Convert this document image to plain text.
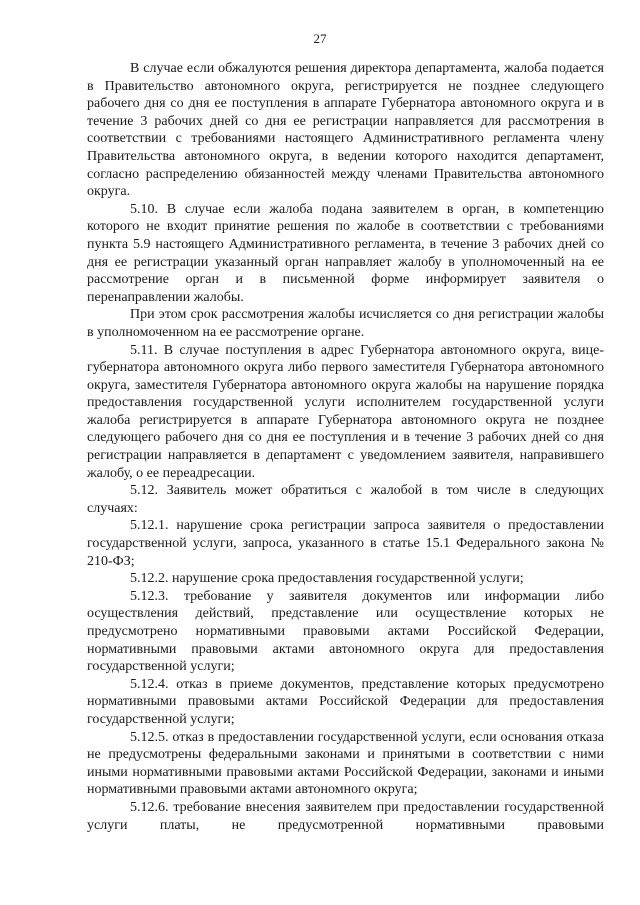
27

В случае если обжалуются решения директора департамента, жалоба подается в Правительство автономного округа, регистрируется не позднее следующего рабочего дня со дня ее поступления в аппарате Губернатора автономного округа и в течение 3 рабочих дней со дня ее регистрации направляется для рассмотрения в соответствии с требованиями настоящего Административного регламента члену Правительства автономного округа, в ведении которого находится департамент, согласно распределению обязанностей между членами Правительства автономного округа.

5.10. В случае если жалоба подана заявителем в орган, в компетенцию которого не входит принятие решения по жалобе в соответствии с требованиями пункта 5.9 настоящего Административного регламента, в течение 3 рабочих дней со дня ее регистрации указанный орган направляет жалобу в уполномоченный на ее рассмотрение орган и в письменной форме информирует заявителя о перенаправлении жалобы.

При этом срок рассмотрения жалобы исчисляется со дня регистрации жалобы в уполномоченном на ее рассмотрение органе.

5.11. В случае поступления в адрес Губернатора автономного округа, вице-губернатора автономного округа либо первого заместителя Губернатора автономного округа, заместителя Губернатора автономного округа жалобы на нарушение порядка предоставления государственной услуги исполнителем государственной услуги жалоба регистрируется в аппарате Губернатора автономного округа не позднее следующего рабочего дня со дня ее поступления и в течение 3 рабочих дней со дня регистрации направляется в департамент с уведомлением заявителя, направившего жалобу, о ее переадресации.

5.12. Заявитель может обратиться с жалобой в том числе в следующих случаях:

5.12.1. нарушение срока регистрации запроса заявителя о предоставлении государственной услуги, запроса, указанного в статье 15.1 Федерального закона № 210-ФЗ;

5.12.2. нарушение срока предоставления государственной услуги;

5.12.3. требование у заявителя документов или информации либо осуществления действий, представление или осуществление которых не предусмотрено нормативными правовыми актами Российской Федерации, нормативными правовыми актами автономного округа для предоставления государственной услуги;

5.12.4. отказ в приеме документов, представление которых предусмотрено нормативными правовыми актами Российской Федерации для предоставления государственной услуги;

5.12.5. отказ в предоставлении государственной услуги, если основания отказа не предусмотрены федеральными законами и принятыми в соответствии с ними иными нормативными правовыми актами Российской Федерации, законами и иными нормативными правовыми актами автономного округа;

5.12.6. требование внесения заявителем при предоставлении государственной услуги платы, не предусмотренной нормативными правовыми
